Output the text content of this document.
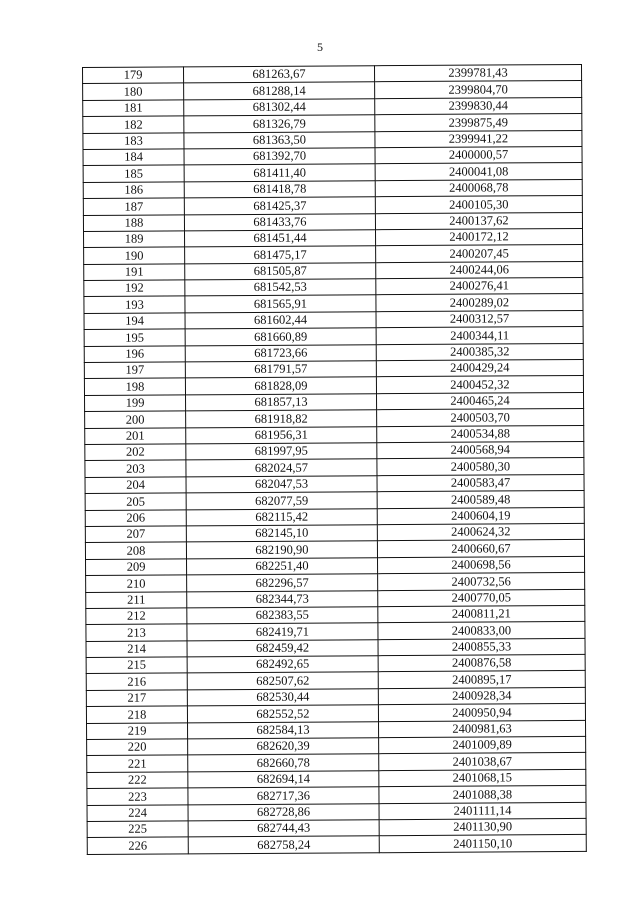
5
179	681263,67	2399781,43
180	681288,14	2399804,70
181	681302,44	2399830,44
182	681326,79	2399875,49
183	681363,50	2399941,22
184	681392,70	2400000,57
185	681411,40	2400041,08
186	681418,78	2400068,78
187	681425,37	2400105,30
188	681433,76	2400137,62
189	681451,44	2400172,12
190	681475,17	2400207,45
191	681505,87	2400244,06
192	681542,53	2400276,41
193	681565,91	2400289,02
194	681602,44	2400312,57
195	681660,89	2400344,11
196	681723,66	2400385,32
197	681791,57	2400429,24
198	681828,09	2400452,32
199	681857,13	2400465,24
200	681918,82	2400503,70
201	681956,31	2400534,88
202	681997,95	2400568,94
203	682024,57	2400580,30
204	682047,53	2400583,47
205	682077,59	2400589,48
206	682115,42	2400604,19
207	682145,10	2400624,32
208	682190,90	2400660,67
209	682251,40	2400698,56
210	682296,57	2400732,56
211	682344,73	2400770,05
212	682383,55	2400811,21
213	682419,71	2400833,00
214	682459,42	2400855,33
215	682492,65	2400876,58
216	682507,62	2400895,17
217	682530,44	2400928,34
218	682552,52	2400950,94
219	682584,13	2400981,63
220	682620,39	2401009,89
221	682660,78	2401038,67
222	682694,14	2401068,15
223	682717,36	2401088,38
224	682728,86	2401111,14
225	682744,43	2401130,90
226	682758,24	2401150,10
